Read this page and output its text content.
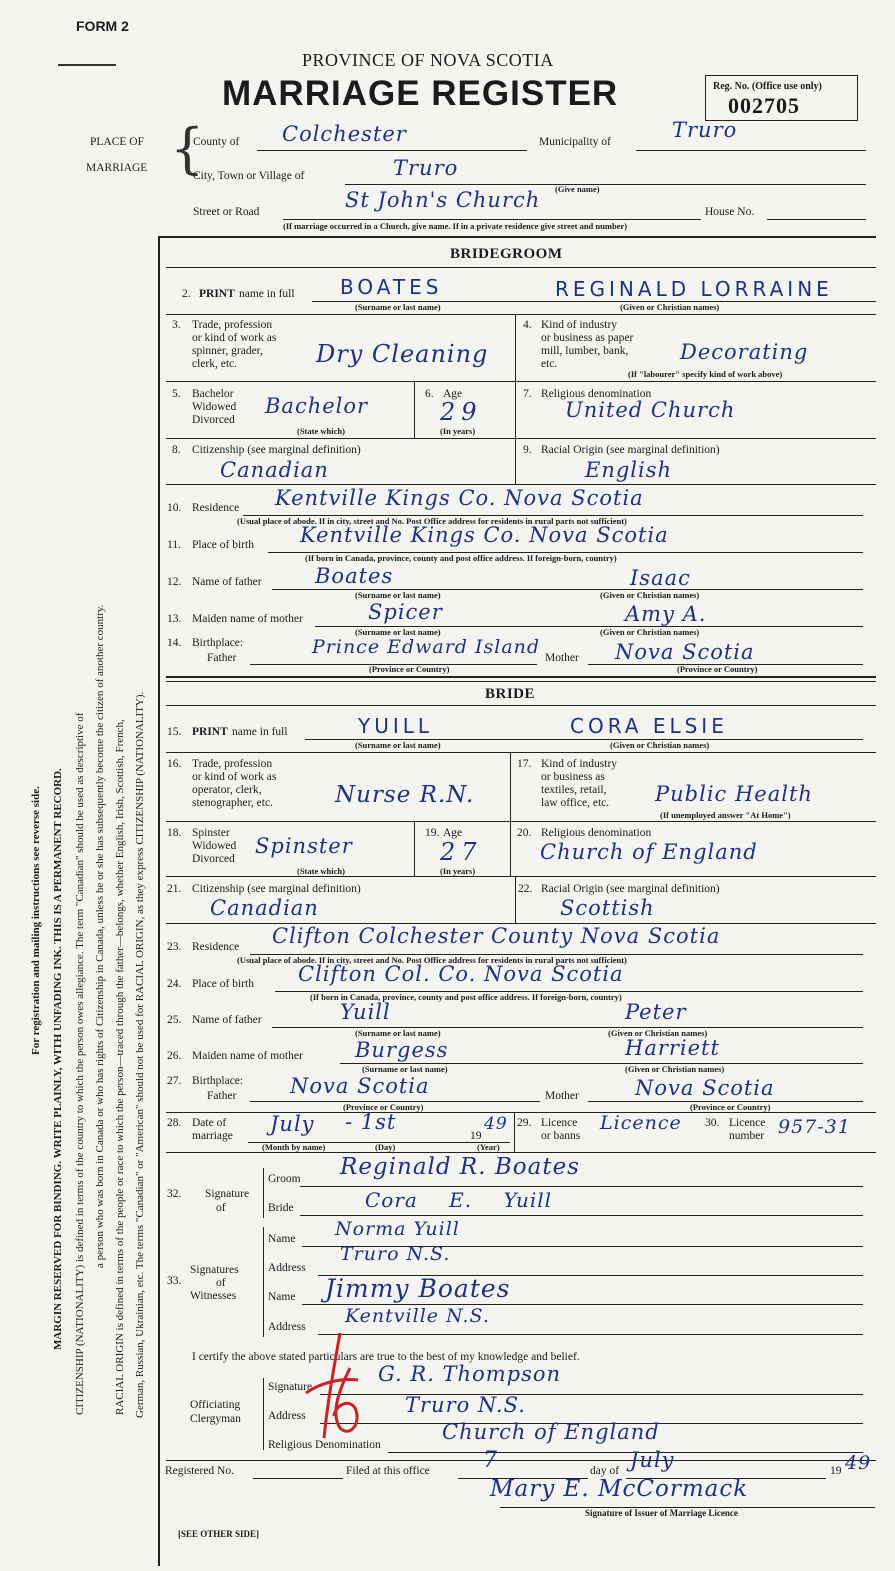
FORM 2
PROVINCE OF NOVA SCOTIA
MARRIAGE REGISTER	Reg. No. (Office use only)
002705
PLACE OF
MARRIAGE {
County of Colchester	Municipality of	Truro
City, Town or Village of	Truro
(Give name)
Street or Road	St John's Church	House No.
(If marriage occurred in a Church, give name. If in a private residence give street and number)
For registration and mailing instructions see reverse side. MARGIN RESERVED FOR BINDING. WRITE PLAINLY, WITH UNFADING INK. THIS IS A PERMANENT RECORD. CITIZENSHIP (NATIONALITY) is defined in terms of the country to which the person owes allegiance. The term "Canadian" should be used as descriptive of a person who was born in Canada or who has rights of Citizenship in Canada, unless he or she has subsequently become the citizen of another country. RACIAL ORIGIN is defined in terms of the people or race to which the person—traced through the father—belongs, whether English, Irish, Scottish, French, German, Russian, Ukrainian, etc. The terms "Canadian" or "American" should not be used for RACIAL ORIGIN, as they express CITIZENSHIP (NATIONALITY).
BRIDEGROOM
2. PRINT name in full BOATES	REGINALD LORRAINE
(Surname or last name)	(Given or Christian names)
3. Trade, profession
or kind of work as
spinner, grader,
clerk, etc.	Dry Cleaning
4. Kind of industry
or business as paper
mill, lumber, bank,
etc.	Decorating
(If "labourer" specify kind of work above)
5. Bachelor
Widowed
Divorced
Bachelor
(State which)
6. Age
29
(In years)
7. Religious denomination
United Church
8. Citizenship (see marginal definition)
Canadian
9. Racial Origin (see marginal definition)
English
10. Residence Kentville Kings Co. Nova Scotia
(Usual place of abode. If in city, street and No. Post Office address for residents in rural parts not sufficient)
11. Place of birth Kentville Kings Co. Nova Scotia
(If born in Canada, province, county and post office address. If foreign-born, country)
12. Name of father	Boates	Isaac
(Surname or last name)	(Given or Christian names)
13. Maiden name of mother	Spicer	Amy A.
(Surname or last name)	(Given or Christian names)
14. Birthplace:
Father	Prince Edward Island Mother Nova Scotia
(Province or Country)	(Province or Country)
BRIDE
15. PRINT name in full	YUILL	CORA ELSIE
(Surname or last name)	(Given or Christian names)
16. Trade, profession
or kind of work as
operator, clerk,
stenographer, etc.	Nurse R.N.
17. Kind of industry
or business as
textiles, retail,
law office, etc. Public Health
(If unemployed answer "At Home")
18. Spinster
Widowed
Divorced
Spinster
(State which)
19. Age
27
(In years)
20. Religious denomination
Church of England
21. Citizenship (see marginal definition)
Canadian
22. Racial Origin (see marginal definition)
Scottish
23. Residence Clifton Colchester County Nova Scotia
(Usual place of abode. If in city, street and No. Post Office address for residents in rural parts not sufficient)
24. Place of birth Clifton Col. Co. Nova Scotia
(If born in Canada, province, county and post office address. If foreign-born, country)
25. Name of father	Yuill	Peter
(Surname or last name)	(Given or Christian names)
26. Maiden name of mother Burgess	Harriett
(Surname or last name)	(Given or Christian names)
27. Birthplace:
Father	Nova Scotia	Mother	Nova Scotia
(Province or Country)	(Province or Country)
28. Date of
marriage July - 1st
19
49
(Month by name)	(Day)	(Year)
29. Licence
or banns
Licence 30. Licence
number 957-31
32. Signature
of
Groom Reginald R. Boates
Bride	Cora E. Yuill
33.
Signatures
of
Witnesses
Name Norma Yuill
Address
Truro N.S.
Name Jimmy Boates
Address Kentville N.S.
I certify the above stated particulars are true to the best of my knowledge and belief.
Officiating
Clergyman
Signature
G. R. Thompson
Address	Truro N.S.
Religious Denomination
Church of England
Registered No.	Filed at this office 7	day of July	19 49
Mary E. McCormack
Signature of Issuer of Marriage Licence
[SEE OTHER SIDE]
